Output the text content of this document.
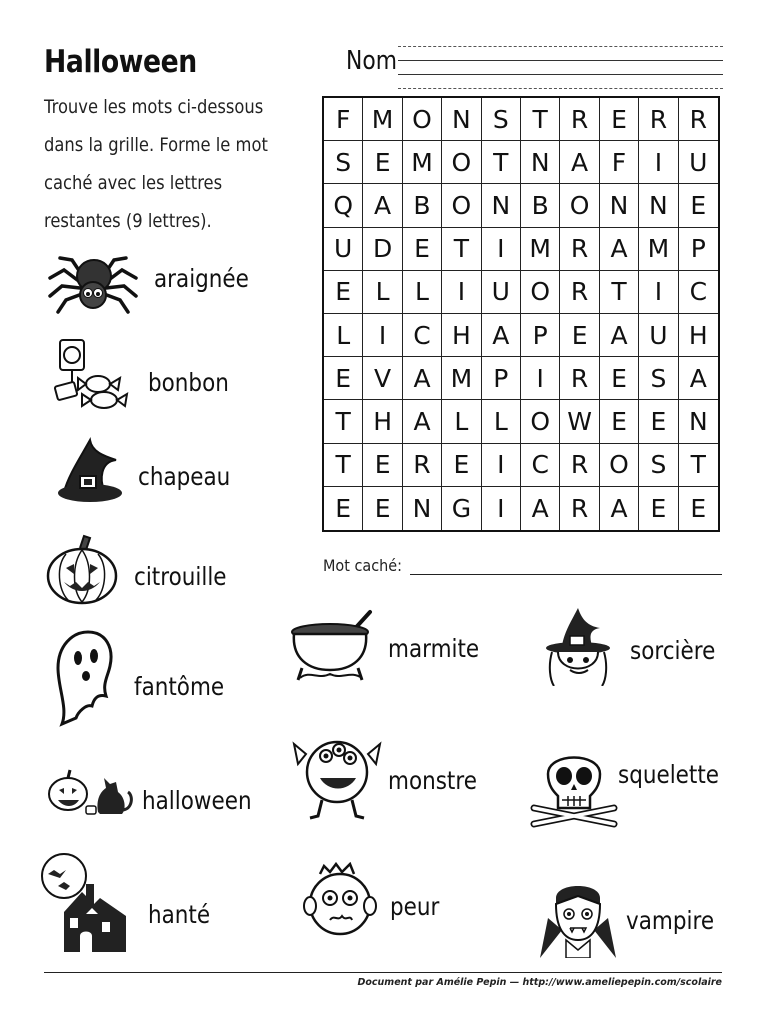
Halloween
Trouve les mots ci-dessous dans la grille. Forme le mot caché avec les lettres restantes (9 lettres).
Nom
F M O N S T R E R R
S E M O T N A F	I	U
Q A B O N B O N N E
U D E T	I M R A M P
E L	L	I	U O R T	I	C
L	I	C H A P E A U H
E V A M P	I	R E S A
T H A L	L O W E E N
T E R E	I	C R O S T
E E N G	I	A R A E E
Mot caché:
araignée
bonbon
chapeau
citrouille
fantôme
halloween
hanté
marmite
monstre
peur
sorcière
squelette
vampire
Document par Amélie Pepin — http://www.ameliepepin.com/scolaire
